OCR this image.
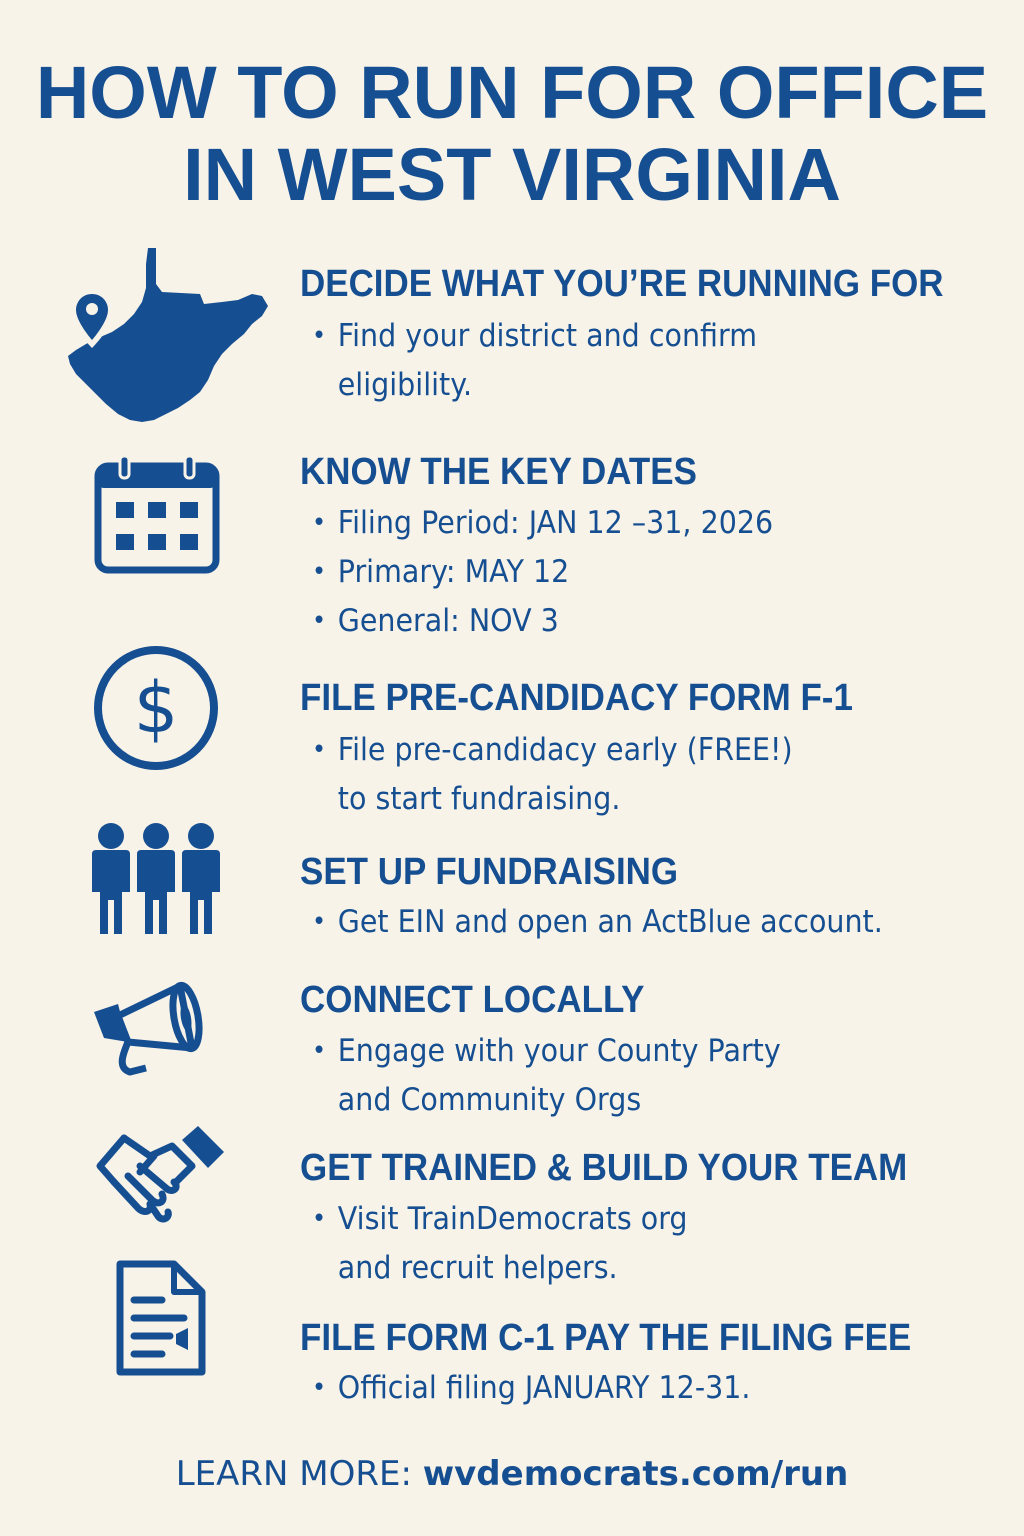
HOW TO RUN FOR OFFICE
IN WEST VIRGINIA
DECIDE WHAT YOU’RE RUNNING FOR
• Find your district and confirm
eligibility.
KNOW THE KEY DATES
• Filing Period: JAN 12 –31, 2026
• Primary: MAY 12
• General: NOV 3
$	FILE PRE-CANDIDACY FORM F-1
• File pre-candidacy early (FREE!)
to start fundraising.
SET UP FUNDRAISING
• Get EIN and open an ActBlue account.
CONNECT LOCALLY
• Engage with your County Party
and Community Orgs
GET TRAINED & BUILD YOUR TEAM
• Visit TrainDemocrats org
and recruit helpers.
FILE FORM C-1 PAY THE FILING FEE
• Official filing JANUARY 12-31.
LEARN MORE: wvdemocrats.com/run
